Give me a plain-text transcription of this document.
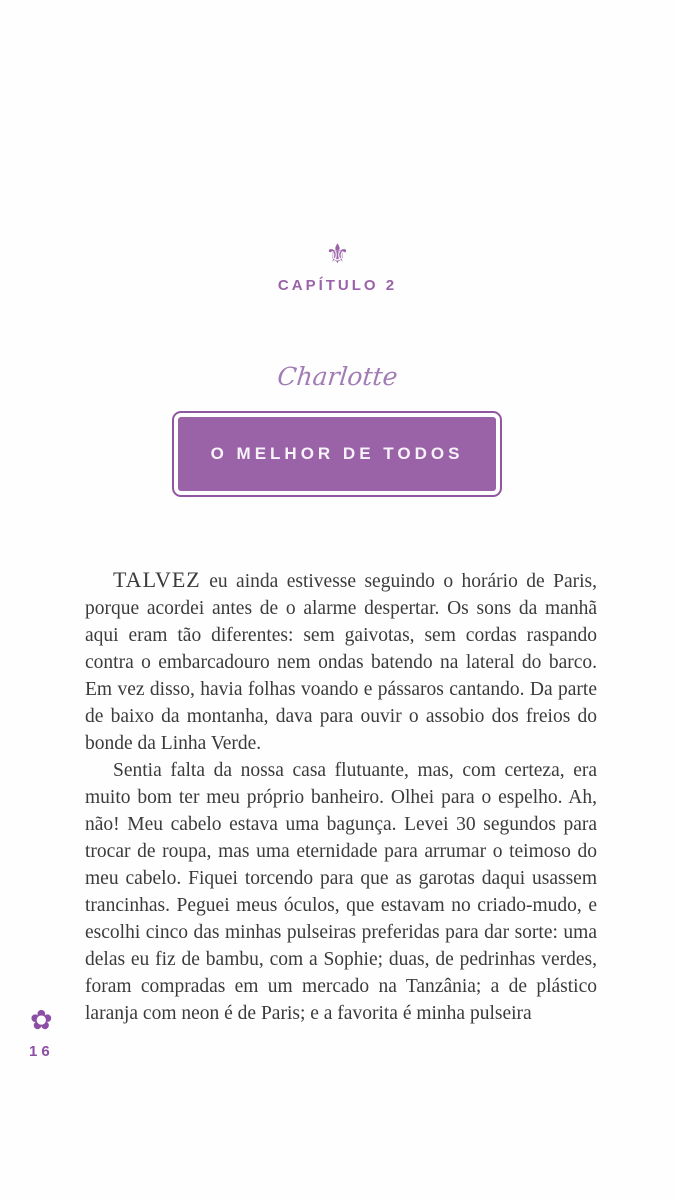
⚜
CAPÍTULO 2
Charlotte
O MELHOR DE TODOS

TALVEZ eu ainda estivesse seguindo o horário de Paris, porque acordei antes de o alarme despertar. Os sons da manhã aqui eram tão diferentes: sem gaivotas, sem cordas raspando contra o embarcadouro nem ondas batendo na lateral do barco. Em vez disso, havia folhas voando e pássaros cantando. Da parte de baixo da montanha, dava para ouvir o assobio dos freios do bonde da Linha Verde.

Sentia falta da nossa casa flutuante, mas, com certeza, era muito bom ter meu próprio banheiro. Olhei para o espelho. Ah, não! Meu cabelo estava uma bagunça. Levei 30 segundos para trocar de roupa, mas uma eternidade para arrumar o teimoso do meu cabelo. Fiquei torcendo para que as garotas daqui usassem trancinhas. Peguei meus óculos, que estavam no criado-mudo, e escolhi cinco das minhas pulseiras preferidas para dar sorte: uma delas eu fiz de bambu, com a Sophie; duas, de pedrinhas verdes, foram compradas em um mercado na Tanzânia; a de plástico laranja com neon é de Paris; e a favorita é minha pulseira

✿
16
